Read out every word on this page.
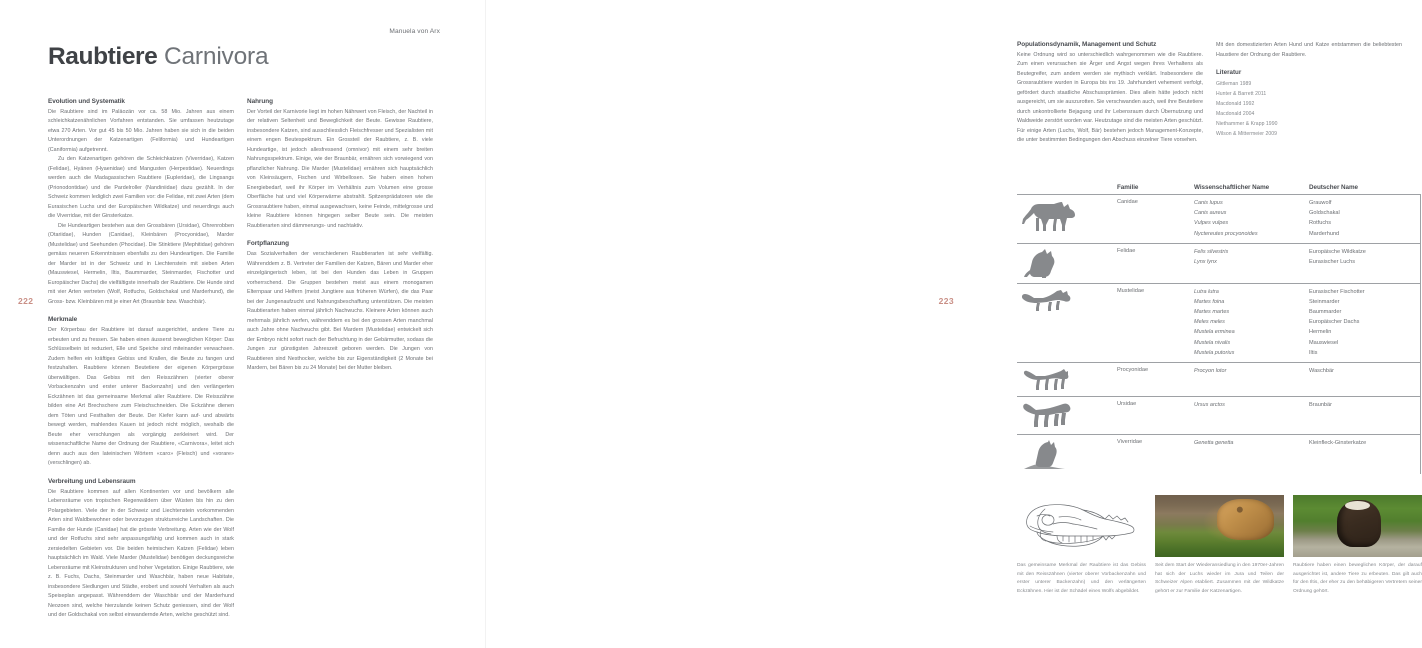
222
Manuela von Arx
Raubtiere Carnivora
Evolution und Systematik

Die Raubtiere sind im Paläozän vor ca. 58 Mio. Jahren aus einem schleichkatzenähnlichen Vorfahren entstanden. Sie umfassen heutzutage etwa 270 Arten. Vor gut 45 bis 50 Mio. Jahren haben sie sich in die beiden Unterordnungen der Katzenartigen (Feliformia) und Hundeartigen (Caniformia) aufgetrennt.

Zu den Katzenartigen gehören die Schleichkatzen (Viverridae), Katzen (Felidae), Hyänen (Hyaenidae) und Mangusten (Herpestidae). Neuerdings werden auch die Madagassischen Raubtiere (Eupleridae), die Lingsangs (Prionodontidae) und die Pardelroller (Nandiniidae) dazu gezählt. In der Schweiz kommen lediglich zwei Familien vor: die Felidae, mit zwei Arten (dem Eurasischen Luchs und der Europäischen Wildkatze) und neuerdings auch die Viverridae, mit der Ginsterkatze.

Die Hundeartigen bestehen aus den Grossbären (Ursidae), Ohrenrobben (Otariidae), Hunden (Canidae), Kleinbären (Procyonidae), Marder (Mustelidae) und Seehunden (Phocidae). Die Stinktiere (Mephitidae) gehören gemäss neueren Erkenntnissen ebenfalls zu den Hundeartigen. Die Familie der Marder ist in der Schweiz und in Liechtenstein mit sieben Arten (Mauswiesel, Hermelin, Iltis, Baummarder, Steinmarder, Fischotter und Europäischer Dachs) die vielfältigste innerhalb der Raubtiere. Die Hunde sind mit vier Arten vertreten (Wolf, Rotfuchs, Goldschakal und Marderhund), die Gross- bzw. Kleinbären mit je einer Art (Braunbär bzw. Waschbär).

Merkmale

Der Körperbau der Raubtiere ist darauf ausgerichtet, andere Tiere zu erbeuten und zu fressen. Sie haben einen äusserst beweglichen Körper: Das Schlüsselbein ist reduziert, Elle und Speiche sind miteinander verwachsen. Zudem helfen ein kräftiges Gebiss und Krallen, die Beute zu fangen und festzuhalten. Raubtiere können Beutetiere der eigenen Körpergrösse überwältigen. Das Gebiss mit den Reisszähnen (vierter oberer Vorbackenzahn und erster unterer Backenzahn) und den verlängerten Eckzähnen ist das gemeinsame Merkmal aller Raubtiere. Die Reisszähne bilden eine Art Brechschere zum Fleischschneiden. Die Eckzähne dienen dem Töten und Festhalten der Beute. Der Kiefer kann auf- und abwärts bewegt werden, mahlendes Kauen ist jedoch nicht möglich, weshalb die Beute eher verschlungen als vorgängig zerkleinert wird. Der wissenschaftliche Name der Ordnung der Raubtiere, «Carnivora», leitet sich denn auch aus den lateinischen Wörtern «caro» (Fleisch) und «vorare» (verschlingen) ab.

Verbreitung und Lebensraum

Die Raubtiere kommen auf allen Kontinenten vor und bevölkern alle Lebensräume von tropischen Regenwäldern über Wüsten bis hin zu den Polargebieten. Viele der in der Schweiz und Liechtenstein vorkommenden Arten sind Waldbewohner oder bevorzugen strukturreiche Landschaften. Die Familie der Hunde (Canidae) hat die grösste Verbreitung. Arten wie der Wolf und der Rotfuchs sind sehr anpassungsfähig und kommen auch in stark zersiedelten Gebieten vor. Die beiden heimischen Katzen (Felidae) leben hauptsächlich im Wald. Viele Marder (Mustelidae) benötigen deckungsreiche Lebensräume mit Kleinstrukturen und hoher Vegetation. Einige Raubtiere, wie z. B. Fuchs, Dachs, Steinmarder und Waschbär, haben neue Habitate, insbesondere Siedlungen und Städte, erobert und sowohl Verhalten als auch Speiseplan angepasst. Währenddem der Waschbär und der Marderhund Neozoen sind, welche hierzulande keinen Schutz geniessen, sind der Wolf und der Goldschakal von selbst einwandernde Arten, welche geschützt sind.

Nahrung

Der Vorteil der Karnivorie liegt im hohen Nährwert von Fleisch, der Nachteil in der relativen Seltenheit und Beweglichkeit der Beute. Gewisse Raubtiere, insbesondere Katzen, sind ausschliesslich Fleischfresser und Spezialisten mit einem engen Beutespektrum. Ein Grossteil der Raubtiere, z. B. viele Hundeartige, ist jedoch allesfressend (omnivor) mit einem sehr breiten Nahrungsspektrum. Einige, wie der Braunbär, ernähren sich vorwiegend von pflanzlicher Nahrung. Die Marder (Mustelidae) ernähren sich hauptsächlich von Kleinsäugern, Fischen und Wirbellosen. Sie haben einen hohen Energiebedarf, weil ihr Körper im Verhältnis zum Volumen eine grosse Oberfläche hat und viel Körperwärme abstrahlt. Spitzenprädatoren wie die Grossraubtiere haben, einmal ausgewachsen, keine Feinde, mittelgrosse und kleine Raubtiere können hingegen selber Beute sein. Die meisten Raubtierarten sind dämmerungs- und nachtaktiv.

Fortpflanzung

Das Sozialverhalten der verschiedenen Raubtierarten ist sehr vielfältig. Währenddem z. B. Vertreter der Familien der Katzen, Bären und Marder eher einzelgängerisch leben, ist bei den Hunden das Leben in Gruppen vorherrschend. Die Gruppen bestehen meist aus einem monogamen Elternpaar und Helfern (meist Jungtiere aus früheren Würfen), die das Paar bei der Jungenaufzucht und Nahrungsbeschaffung unterstützen. Die meisten Raubtierarten haben einmal jährlich Nachwuchs. Kleinere Arten können auch mehrmals jährlich werfen, währenddem es bei den grossen Arten manchmal auch Jahre ohne Nachwuchs gibt. Bei Mardern (Mustelidae) entwickelt sich der Embryo nicht sofort nach der Befruchtung in der Gebärmutter, sodass die Jungen zur günstigsten Jahreszeit geboren werden. Die Jungen von Raubtieren sind Nesthocker, welche bis zur Eigenständigkeit (2 Monate bei Mardern, bei Bären bis zu 24 Monate) bei der Mutter bleiben.

223
Populationsdynamik, Management und Schutz

Keine Ordnung wird so unterschiedlich wahrgenommen wie die Raubtiere. Zum einen verursachen sie Ärger und Angst wegen ihres Verhaltens als Beutegreifer, zum andern werden sie mythisch verklärt. Insbesondere die Grossraubtiere wurden in Europa bis ins 19. Jahrhundert vehement verfolgt, gefördert durch staatliche Abschussprämien. Dies allein hätte jedoch nicht ausgereicht, um sie auszurotten. Sie verschwanden auch, weil ihre Beutetiere durch unkontrollierte Bejagung und ihr Lebensraum durch Übernutzung und Waldweide zerstört worden war. Heutzutage sind die meisten Arten geschützt. Für einige Arten (Luchs, Wolf, Bär) bestehen jedoch Management-Konzepte, die unter bestimmten Bedingungen den Abschuss einzelner Tiere vorsehen.

Mit den domestizierten Arten Hund und Katze entstammen die beliebtesten Haustiere der Ordnung der Raubtiere.

Literatur
Gittleman 1989
Hunter & Barrett 2011
Macdonald 1992
Macdonald 2004
Niethammer & Krapp 1990
Wilson & Mittermeier 2009
Familie	Wissenschaftlicher Name	Deutscher Name
Canidae	Canis lupus	Grauwolf
Canis aureus	Goldschakal
Vulpes vulpes	Rotfuchs
Nyctereutes procyonoides	Marderhund
Felidae	Felis silvestris	Europäische Wildkatze
Lynx lynx	Eurasischer Luchs
Mustelidae	Lutra lutra	Eurasischer Fischotter
Martes foina	Steinmarder
Martes martes	Baummarder
Meles meles	Europäischer Dachs
Mustela erminea	Hermelin
Mustela nivalis	Mauswiesel
Mustela putorius	Iltis
Procyonidae	Procyon lotor	Waschbär
Ursidae	Ursus arctos	Braunbär
Viverridae	Genetta genetta	Kleinfleck-Ginsterkatze
Das gemeinsame Merkmal der Raubtiere ist das Gebiss mit den Reisszähnen (vierter oberer Vorbackenzahn und erster unterer Backenzahn) und den verlängerten Eckzähnen. Hier ist der Schädel eines Wolfs abgebildet.
Seit dem Start der Wiederansiedlung in den 1970er-Jahren hat sich der Luchs wieder im Jura und Teilen der Schweizer Alpen etabliert. Zusammen mit der Wildkatze gehört er zur Familie der Katzenartigen.
Raubtiere haben einen beweglichen Körper, der darauf ausgerichtet ist, andere Tiere zu erbeuten. Das gilt auch für den Iltis, der eher zu den behäbigeren Vertretern seiner Ordnung gehört.
